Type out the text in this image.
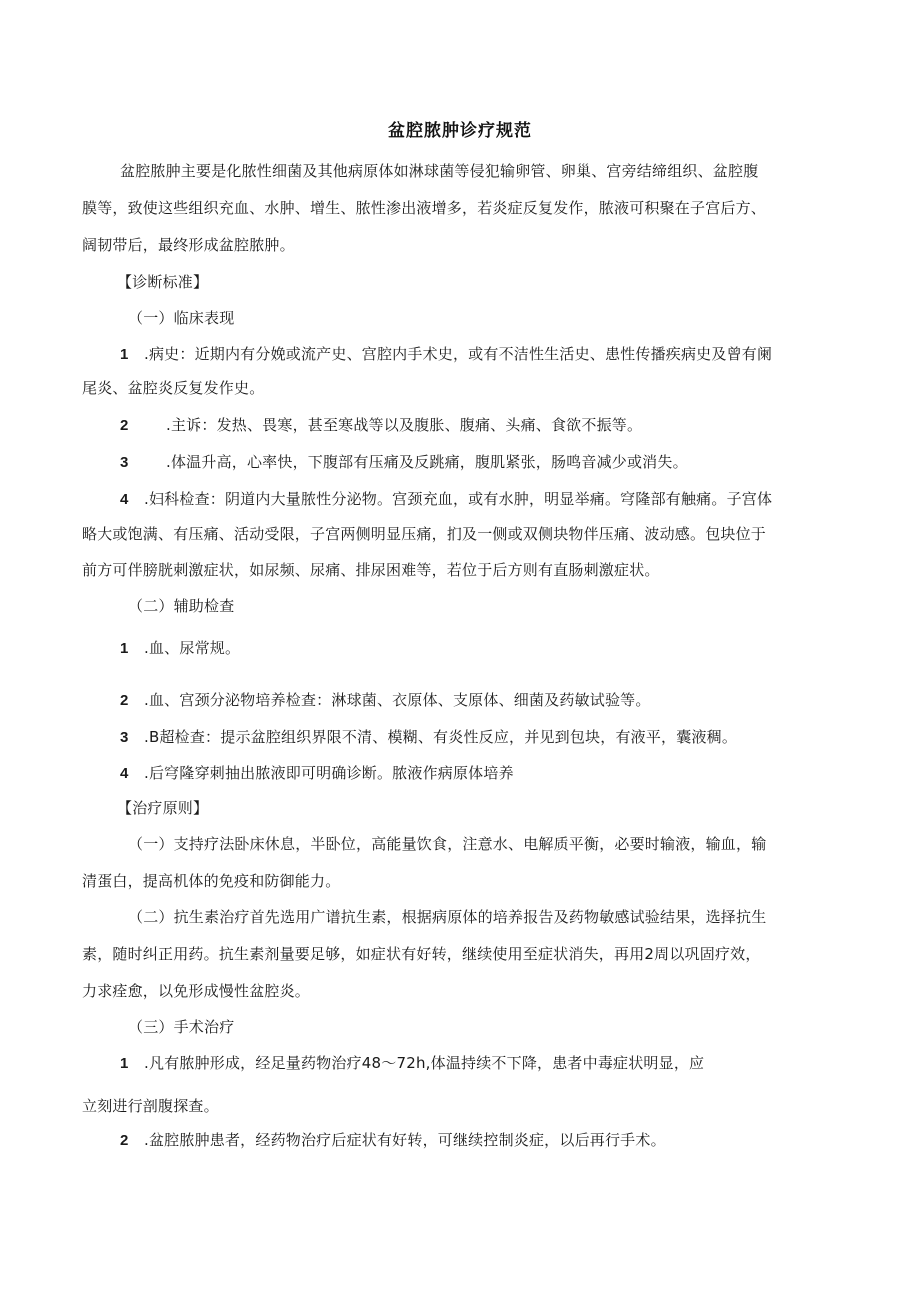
盆腔脓肿诊疗规范
盆腔脓肿主要是化脓性细菌及其他病原体如淋球菌等侵犯输卵管、卵巢、宫旁结缔组织、盆腔腹
膜等，致使这些组织充血、水肿、增生、脓性渗出液增多，若炎症反复发作，脓液可积聚在子宫后方、
阔韧带后，最终形成盆腔脓肿。
【诊断标准】
（一）临床表现
1 .病史：近期内有分娩或流产史、宫腔内手术史，或有不洁性生活史、患性传播疾病史及曾有阑
尾炎、盆腔炎反复发作史。
2 .主诉：发热、畏寒，甚至寒战等以及腹胀、腹痛、头痛、食欲不振等。
3 .体温升高，心率快，下腹部有压痛及反跳痛，腹肌紧张，肠鸣音减少或消失。
4 .妇科检查：阴道内大量脓性分泌物。宫颈充血，或有水肿，明显举痛。穹隆部有触痛。子宫体
略大或饱满、有压痛、活动受限，子宫两侧明显压痛，扪及一侧或双侧块物伴压痛、波动感。包块位于
前方可伴膀胱刺激症状，如尿频、尿痛、排尿困难等，若位于后方则有直肠刺激症状。
（二）辅助检查
1 .血、尿常规。
2 .血、宫颈分泌物培养检查：淋球菌、衣原体、支原体、细菌及药敏试验等。
3 .B超检查：提示盆腔组织界限不清、模糊、有炎性反应，并见到包块，有液平，囊液稠。
4 .后穹隆穿刺抽出脓液即可明确诊断。脓液作病原体培养
【治疗原则】
（一）支持疗法卧床休息，半卧位，高能量饮食，注意水、电解质平衡，必要时输液，输血，输
清蛋白，提高机体的免疫和防御能力。
（二）抗生素治疗首先选用广谱抗生素，根据病原体的培养报告及药物敏感试验结果，选择抗生
素，随时纠正用药。抗生素剂量要足够，如症状有好转，继续使用至症状消失，再用2周以巩固疗效，
力求痊愈，以免形成慢性盆腔炎。
（三）手术治疗
1 .凡有脓肿形成，经足量药物治疗48～72h,体温持续不下降，患者中毒症状明显，应
立刻进行剖腹探查。
2 .盆腔脓肿患者，经药物治疗后症状有好转，可继续控制炎症，以后再行手术。
